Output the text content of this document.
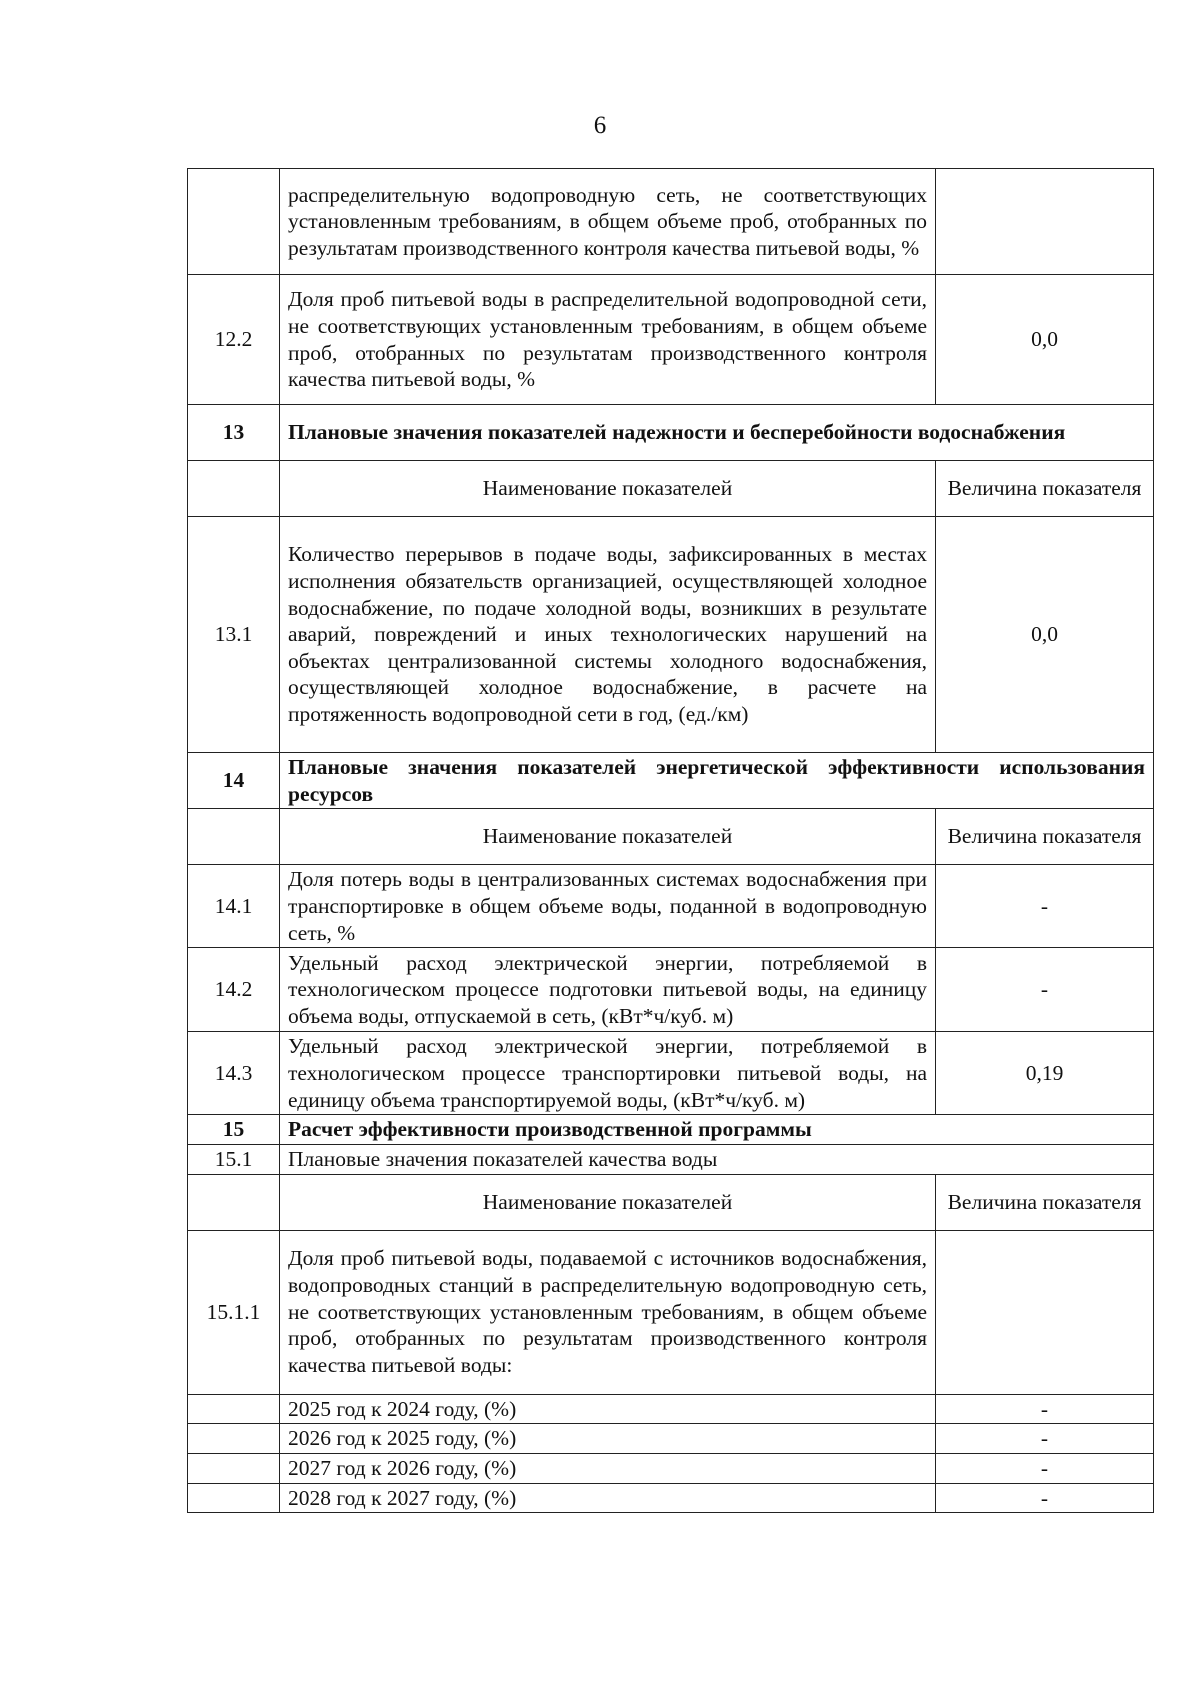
6
	распределительную водопроводную сеть, не соответствующих установленным требованиям, в общем объеме проб, отобранных по результатам производственного контроля качества питьевой воды, %	
12.2	Доля проб питьевой воды в распределительной водопроводной сети, не соответствующих установленным требованиям, в общем объеме проб, отобранных по результатам производственного контроля качества питьевой воды, %	0,0
13	Плановые значения показателей надежности и бесперебойности водоснабжения	
	Наименование показателей	Величина показателя
13.1	Количество перерывов в подаче воды, зафиксированных в местах исполнения обязательств организацией, осуществляющей холодное водоснабжение, по подаче холодной воды, возникших в результате аварий, повреждений и иных технологических нарушений на объектах централизованной системы холодного водоснабжения, осуществляющей холодное водоснабжение, в расчете на протяженность водопроводной сети в год, (ед./км)	0,0
14	Плановые значения показателей энергетической эффективности использования ресурсов	
	Наименование показателей	Величина показателя
14.1	Доля потерь воды в централизованных системах водоснабжения при транспортировке в общем объеме воды, поданной в водопроводную сеть, %	-
14.2	Удельный расход электрической энергии, потребляемой в технологическом процессе подготовки питьевой воды, на единицу объема воды, отпускаемой в сеть, (кВт*ч/куб. м)	-
14.3	Удельный расход электрической энергии, потребляемой в технологическом процессе транспортировки питьевой воды, на единицу объема транспортируемой воды, (кВт*ч/куб. м)	0,19
15	Расчет эффективности производственной программы	
15.1	Плановые значения показателей качества воды	
	Наименование показателей	Величина показателя
15.1.1	Доля проб питьевой воды, подаваемой с источников водоснабжения, водопроводных станций в распределительную водопроводную сеть, не соответствующих установленным требованиям, в общем объеме проб, отобранных по результатам производственного контроля качества питьевой воды:	
	2025 год к 2024 году, (%)	-
	2026 год к 2025 году, (%)	-
	2027 год к 2026 году, (%)	-
	2028 год к 2027 году, (%)	-
